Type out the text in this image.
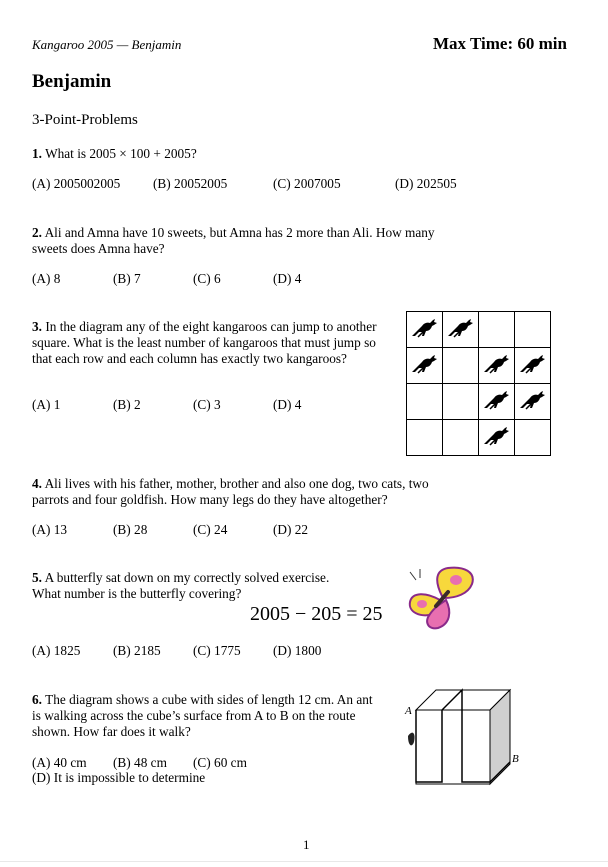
Kangaroo 2005 — Benjamin	Max Time: 60 min
Benjamin
3-Point-Problems
1. What is 2005 × 100 + 2005?
(A) 2005002005 (B) 20052005	(C) 2007005	(D) 202505
2. Ali and Amna have 10 sweets, but Amna has 2 more than Ali. How many sweets does Amna have?
(A) 8	(B) 7	(C) 6	(D) 4
3. In the diagram any of the eight kangaroos can jump to another square. What is the least number of kangaroos that must jump so that each row and each column has exactly two kangaroos?
(A) 1	(B) 2	(C) 3	(D) 4
4. Ali lives with his father, mother, brother and also one dog, two cats, two parrots and four goldfish. How many legs do they have altogether?
(A) 13	(B) 28	(C) 24	(D) 22
5. A butterfly sat down on my correctly solved exercise. What number is the butterfly covering?
2005 − 205 = 25
(A) 1825 (B) 2185 (C) 1775 (D) 1800
6. The diagram shows a cube with sides of length 12 cm. An ant is walking across the cube’s surface from A to B on the route shown. How far does it walk?
(A) 40 cm (B) 48 cm (C) 60 cm
(D) It is impossible to determine
A
B
1
